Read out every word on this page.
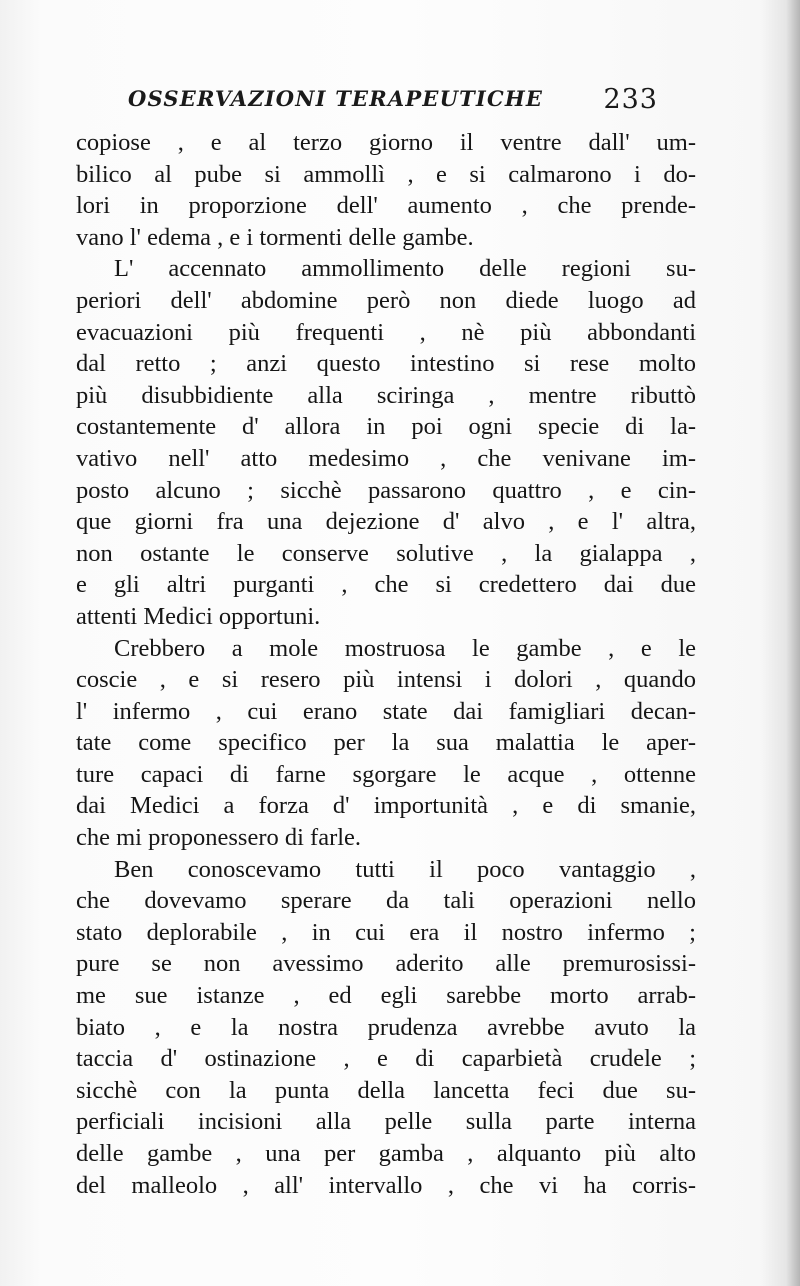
OSSERVAZIONI TERAPEUTICHE 233
copiose , e al terzo giorno il ventre dall' um-
bilico al pube si ammollì , e si calmarono i do-
lori in proporzione dell' aumento , che prende-
vano l' edema , e i tormenti delle gambe.
L' accennato ammollimento delle regioni su-
periori dell' abdomine però non diede luogo ad
evacuazioni più frequenti , nè più abbondanti
dal retto ; anzi questo intestino si rese molto
più disubbidiente alla sciringa , mentre ributtò
costantemente d' allora in poi ogni specie di la-
vativo nell' atto medesimo , che venivane im-
posto alcuno ; sicchè passarono quattro , e cin-
que giorni fra una dejezione d' alvo , e l' altra,
non ostante le conserve solutive , la gialappa ,
e gli altri purganti , che si credettero dai due
attenti Medici opportuni.
Crebbero a mole mostruosa le gambe , e le
coscie , e si resero più intensi i dolori , quando
l' infermo , cui erano state dai famigliari decan-
tate come specifico per la sua malattia le aper-
ture capaci di farne sgorgare le acque , ottenne
dai Medici a forza d' importunità , e di smanie,
che mi proponessero di farle.
Ben conoscevamo tutti il poco vantaggio ,
che dovevamo sperare da tali operazioni nello
stato deplorabile , in cui era il nostro infermo ;
pure se non avessimo aderito alle premurosissi-
me sue istanze , ed egli sarebbe morto arrab-
biato , e la nostra prudenza avrebbe avuto la
taccia d' ostinazione , e di caparbietà crudele ;
sicchè con la punta della lancetta feci due su-
perficiali incisioni alla pelle sulla parte interna
delle gambe , una per gamba , alquanto più alto
del malleolo , all' intervallo , che vi ha corris-
